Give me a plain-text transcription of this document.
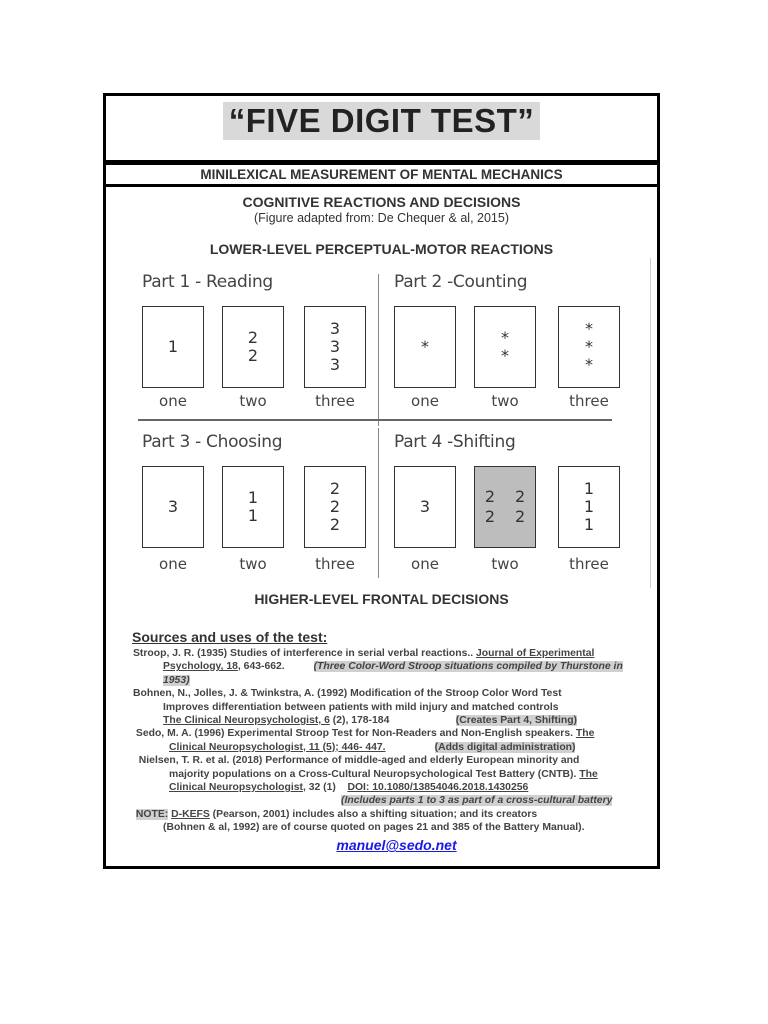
“FIVE DIGIT TEST”
MINILEXICAL MEASUREMENT OF MENTAL MECHANICS
COGNITIVE REACTIONS AND DECISIONS
(Figure adapted from: De Chequer & al, 2015)
LOWER-LEVEL PERCEPTUAL-MOTOR REACTIONS
Part 1 - Reading	Part 2 -Counting
Part 3 - Choosing	Part 4 -Shifting
1	2
2
3
3
3
*	*
*
*
*
*
one	two	three	one	two	three
3	1
1
2
2
2
3
2 2
2 2
1
1
1
one	two	three	one	two	three
HIGHER-LEVEL FRONTAL DECISIONS
Sources and uses of the test:

Stroop, J. R. (1935) Studies of interference in serial verbal reactions.. Journal of Experimental

Psychology, 18, 643-662.	(Three Color-Word Stroop situations compiled by Thurstone in

1953)

Bohnen, N., Jolles, J. & Twinkstra, A. (1992) Modification of the Stroop Color Word Test

Improves differentiation between patients with mild injury and matched controls

The Clinical Neuropsychologist, 6 (2), 178-184	(Creates Part 4, Shifting)

Sedo, M. A. (1996) Experimental Stroop Test for Non-Readers and Non-English speakers. The

Clinical Neuropsychologist, 11 (5); 446- 447.	(Adds digital administration)

Nielsen, T. R. et al. (2018) Performance of middle-aged and elderly European minority and

majority populations on a Cross-Cultural Neuropsychological Test Battery (CNTB). The

Clinical Neuropsychologist, 32 (1) DOI: 10.1080/13854046.2018.1430256

(Includes parts 1 to 3 as part of a cross-cultural battery

NOTE: D-KEFS (Pearson, 2001) includes also a shifting situation; and its creators

(Bohnen & al, 1992) are of course quoted on pages 21 and 385 of the Battery Manual).

manuel@sedo.net
